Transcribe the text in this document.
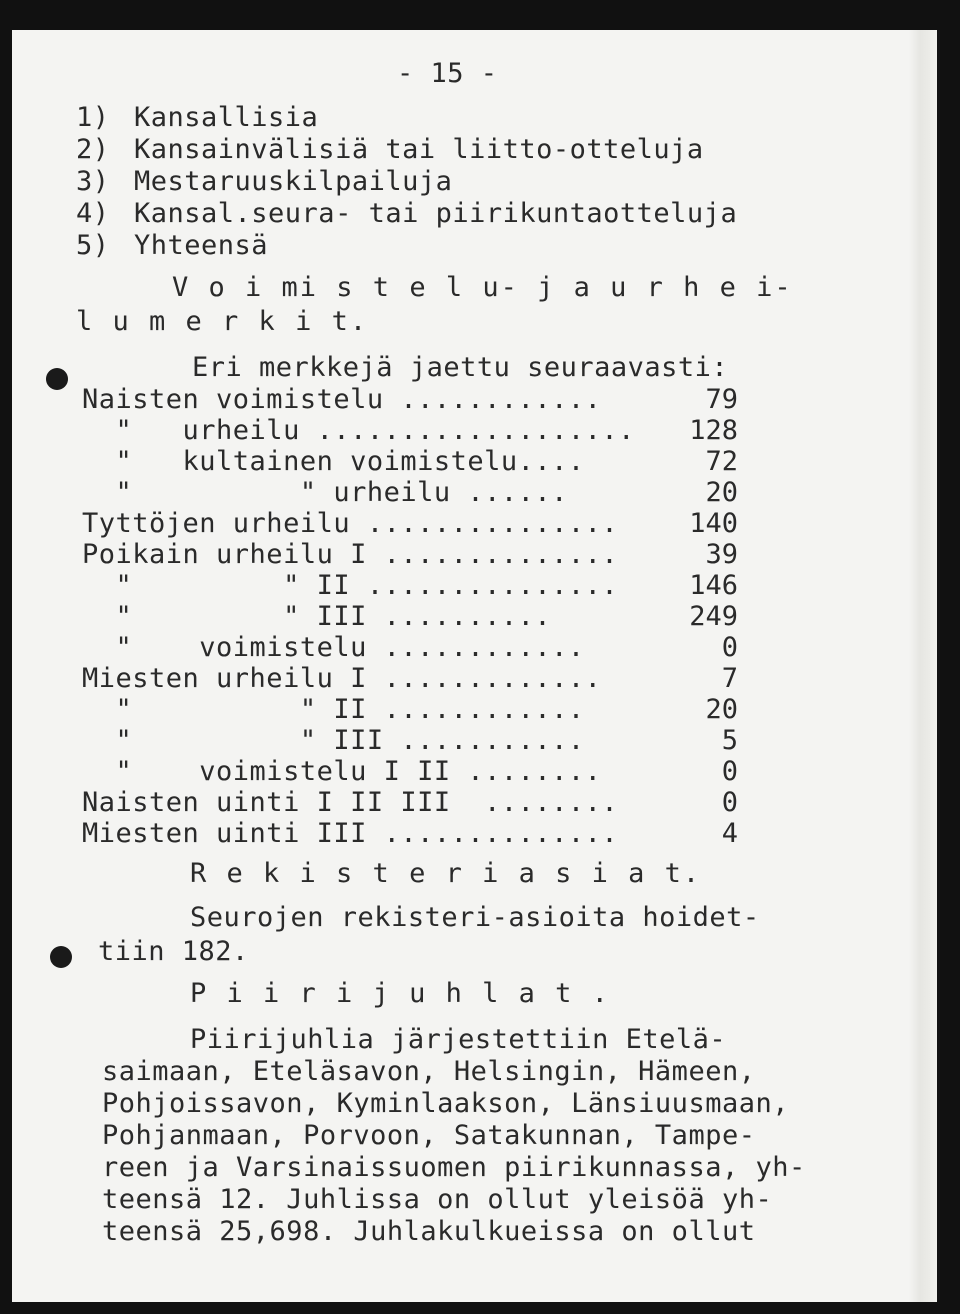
- 15 -
1) Kansallisia
2) Kansainvälisiä tai liitto-otteluja
3) Mestaruuskilpailuja
4) Kansal.seura- tai piirikuntaotteluja
5) Yhteensä
V o i mi s t e l u- j a u r h e i-
l u m e r k i t.
Eri merkkejä jaettu seuraavasti:
Naisten voimistelu ............	79
"   urheilu ...................	128
"   kultainen voimistelu....	72
"          " urheilu ......	20
Tyttöjen urheilu ...............	140
Poikain urheilu I ..............	39
"         " II ...............	146
"         " III ..........	249
"    voimistelu ............	0
Miesten urheilu I .............	7
"          " II ............	20
"          " III ...........	5
"    voimistelu I II ........	0
Naisten uinti I II III  ........	0
Miesten uinti III ..............	4
R e k i s t e r i a s i a t.
Seurojen rekisteri-asioita hoidet-
tiin 182.
P i i r i j u h l a t .
Piirijuhlia järjestettiin Etelä-
saimaan, Eteläsavon, Helsingin, Hämeen,
Pohjoissavon, Kyminlaakson, Länsiuusmaan,
Pohjanmaan, Porvoon, Satakunnan, Tampe-
reen ja Varsinaissuomen piirikunnassa, yh-
teensä 12. Juhlissa on ollut yleisöä yh-
teensä 25,698. Juhlakulkueissa on ollut
